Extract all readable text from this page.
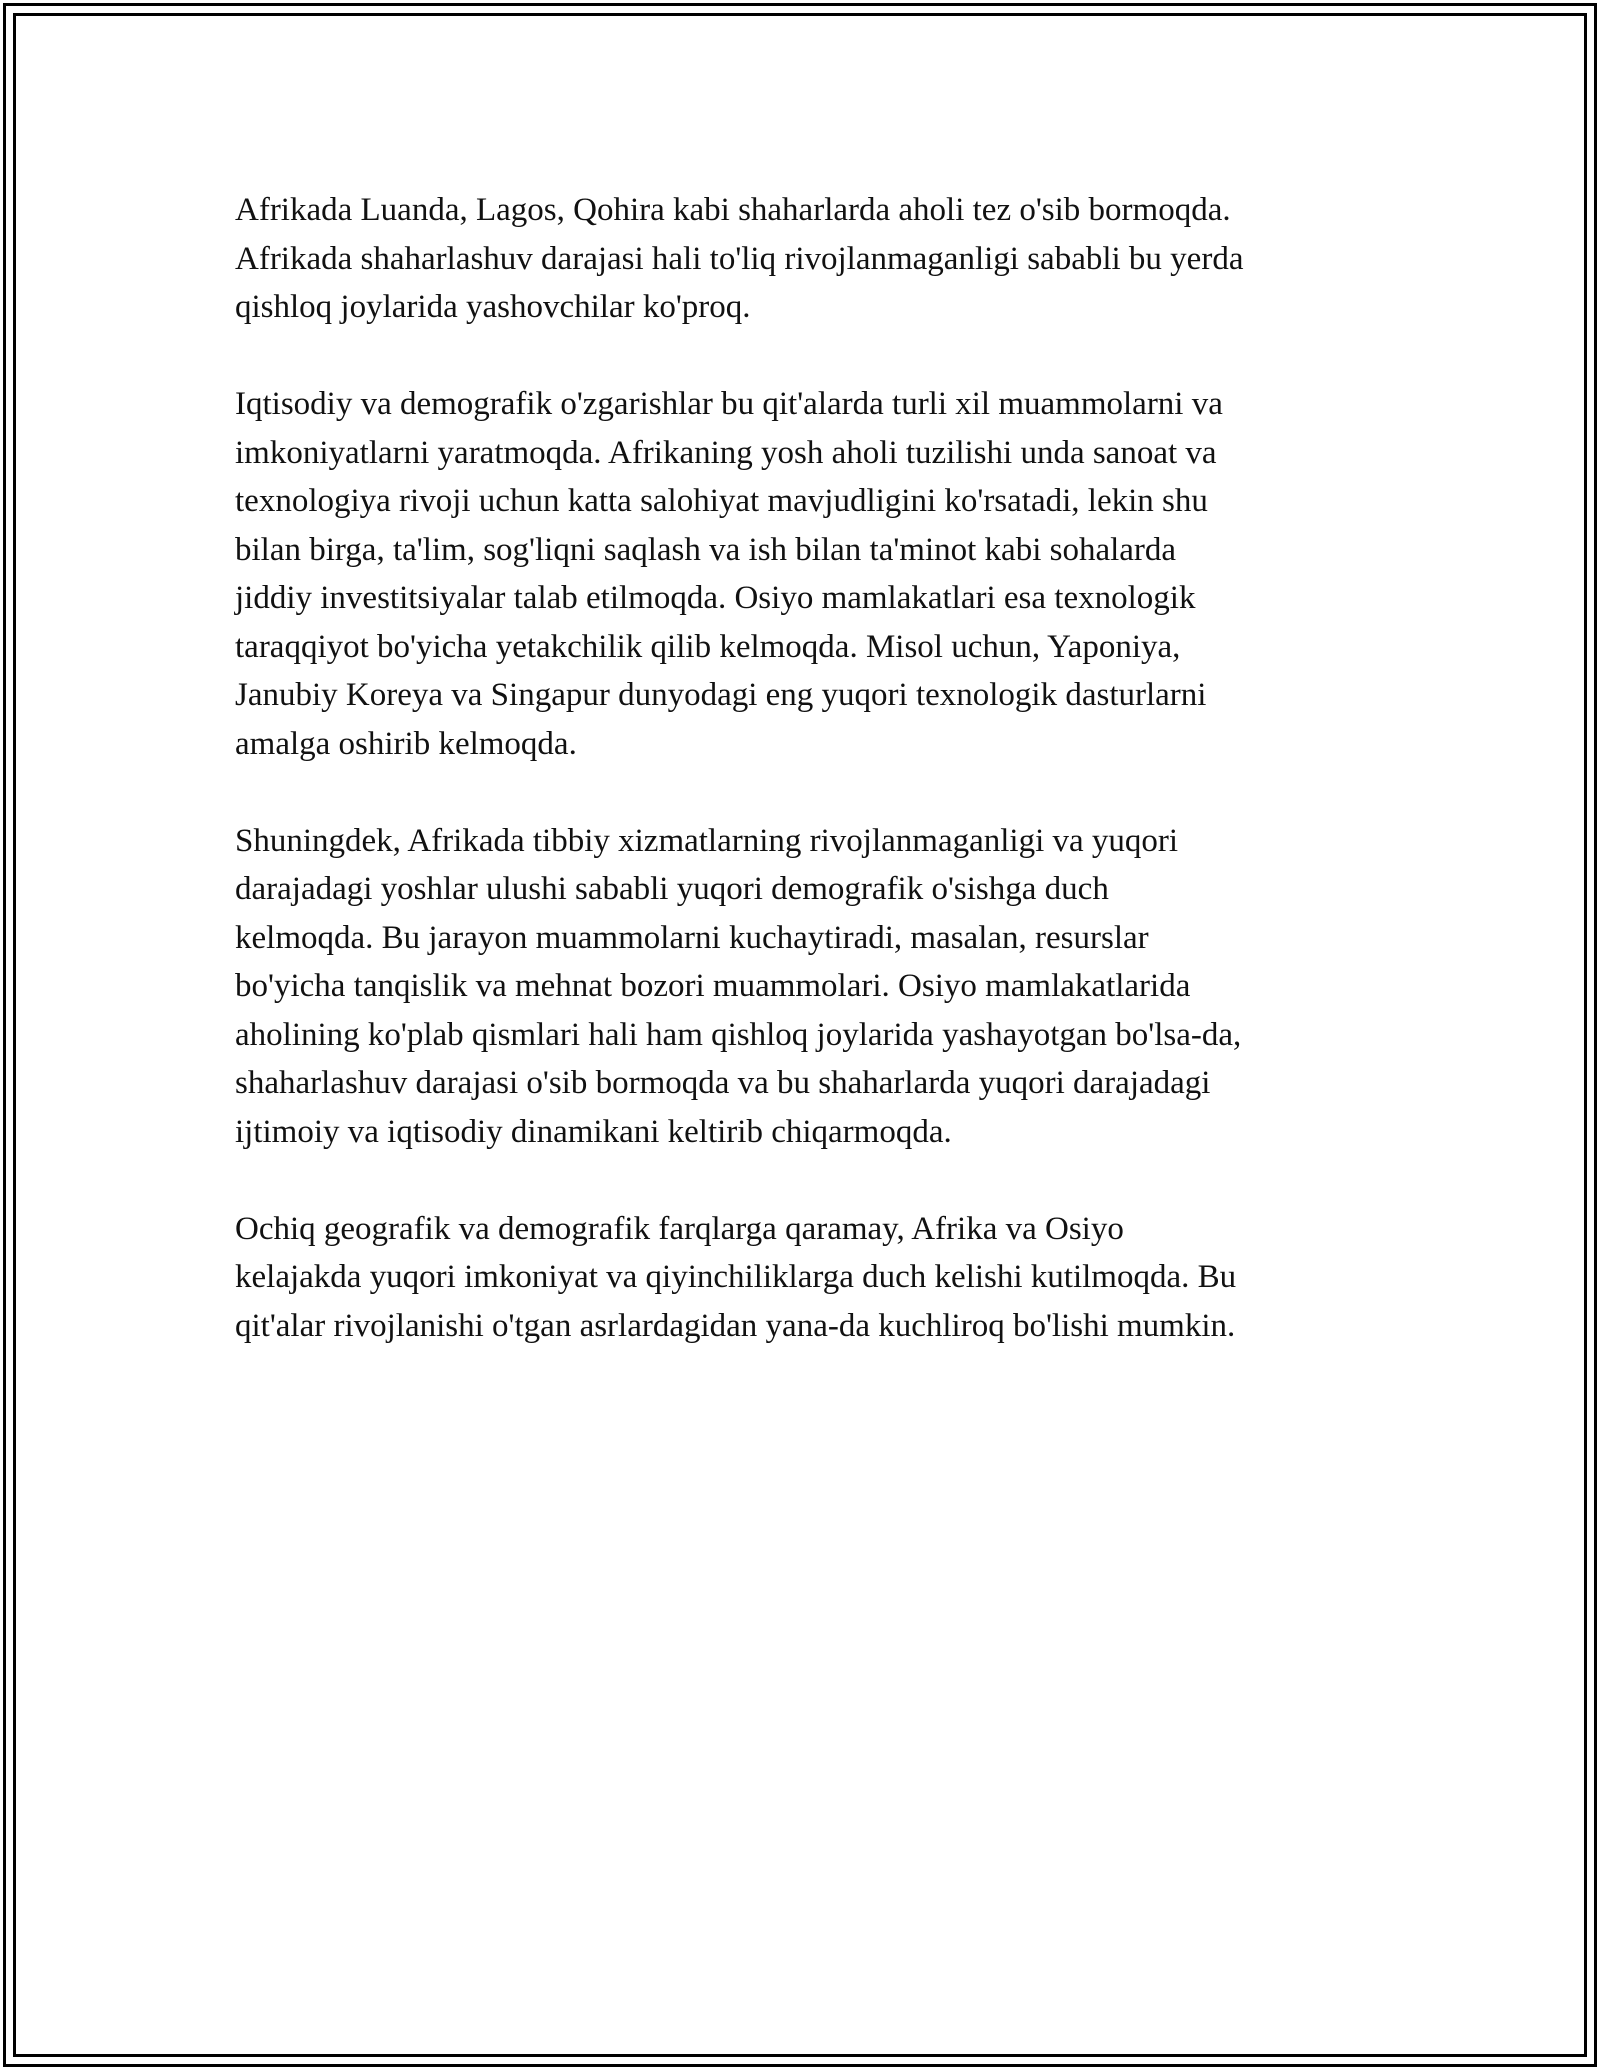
Afrikada Luanda, Lagos, Qohira kabi shaharlarda aholi tez o'sib bormoqda.
Afrikada shaharlashuv darajasi hali to'liq rivojlanmaganligi sababli bu yerda
qishloq joylarida yashovchilar ko'proq.

Iqtisodiy va demografik o'zgarishlar bu qit'alarda turli xil muammolarni va
imkoniyatlarni yaratmoqda. Afrikaning yosh aholi tuzilishi unda sanoat va
texnologiya rivoji uchun katta salohiyat mavjudligini ko'rsatadi, lekin shu
bilan birga, ta'lim, sog'liqni saqlash va ish bilan ta'minot kabi sohalarda
jiddiy investitsiyalar talab etilmoqda. Osiyo mamlakatlari esa texnologik
taraqqiyot bo'yicha yetakchilik qilib kelmoqda. Misol uchun, Yaponiya,
Janubiy Koreya va Singapur dunyodagi eng yuqori texnologik dasturlarni
amalga oshirib kelmoqda.

Shuningdek, Afrikada tibbiy xizmatlarning rivojlanmaganligi va yuqori
darajadagi yoshlar ulushi sababli yuqori demografik o'sishga duch
kelmoqda. Bu jarayon muammolarni kuchaytiradi, masalan, resurslar
bo'yicha tanqislik va mehnat bozori muammolari. Osiyo mamlakatlarida
aholining ko'plab qismlari hali ham qishloq joylarida yashayotgan bo'lsa-da,
shaharlashuv darajasi o'sib bormoqda va bu shaharlarda yuqori darajadagi
ijtimoiy va iqtisodiy dinamikani keltirib chiqarmoqda.

Ochiq geografik va demografik farqlarga qaramay, Afrika va Osiyo
kelajakda yuqori imkoniyat va qiyinchiliklarga duch kelishi kutilmoqda. Bu
qit'alar rivojlanishi o'tgan asrlardagidan yana-da kuchliroq bo'lishi mumkin.
